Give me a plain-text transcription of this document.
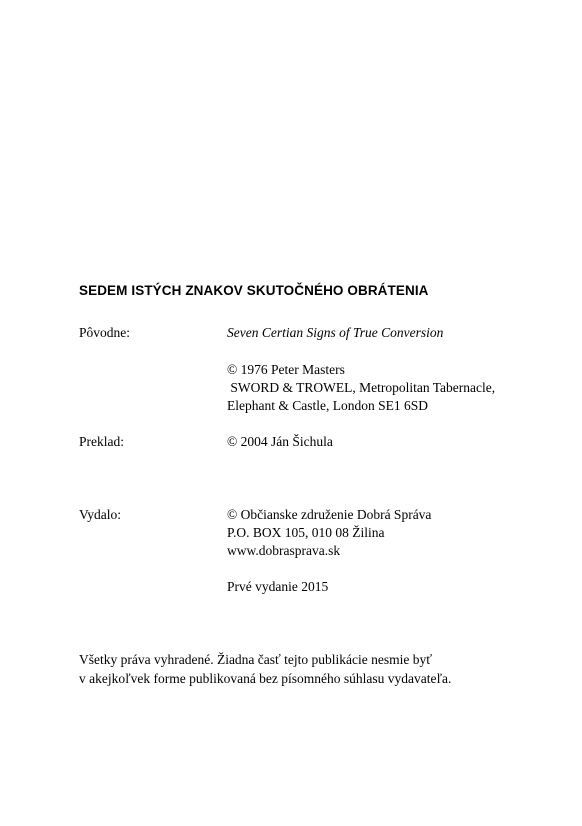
SEDEM ISTÝCH ZNAKOV SKUTOČNÉHO OBRÁTENIA
Pôvodne:	Seven Certian Signs of True Conversion
© 1976 Peter Masters
SWORD & TROWEL, Metropolitan Tabernacle,
Elephant & Castle, London SE1 6SD
Preklad:	© 2004 Ján Šichula
Vydalo:	© Občianske združenie Dobrá Správa
P.O. BOX 105, 010 08 Žilina
www.dobraspravа.sk
Prvé vydanie 2015
Všetky práva vyhradené. Žiadna časť tejto publikácie nesmie byť
v akejkoľvek forme publikovaná bez písomného súhlasu vydavateľa.
